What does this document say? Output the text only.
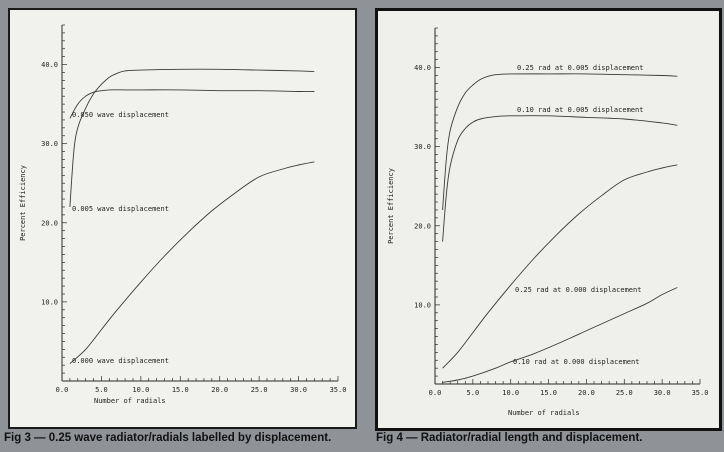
0.0	5.0	10.0	15.0	20.0	25.0	30.0	35.0
10.0
20.0
30.0
40.0
Number of radials
Percent Efficiency
0.050 wave displacement
0.005 wave displacement
0.000 wave displacement
0.0	5.0	10.0	15.0	20.0	25.0	30.0	35.0
10.0
20.0
30.0
40.0
Number of radials
Percent Efficiency
0.25 rad at 0.005 displacement
0.10 rad at 0.005 displacement
0.25 rad at 0.000 displacement
0.10 rad at 0.000 displacement
Fig 3 — 0.25 wave radiator/radials labelled by displacement.	Fig 4 — Radiator/radial length and displacement.
